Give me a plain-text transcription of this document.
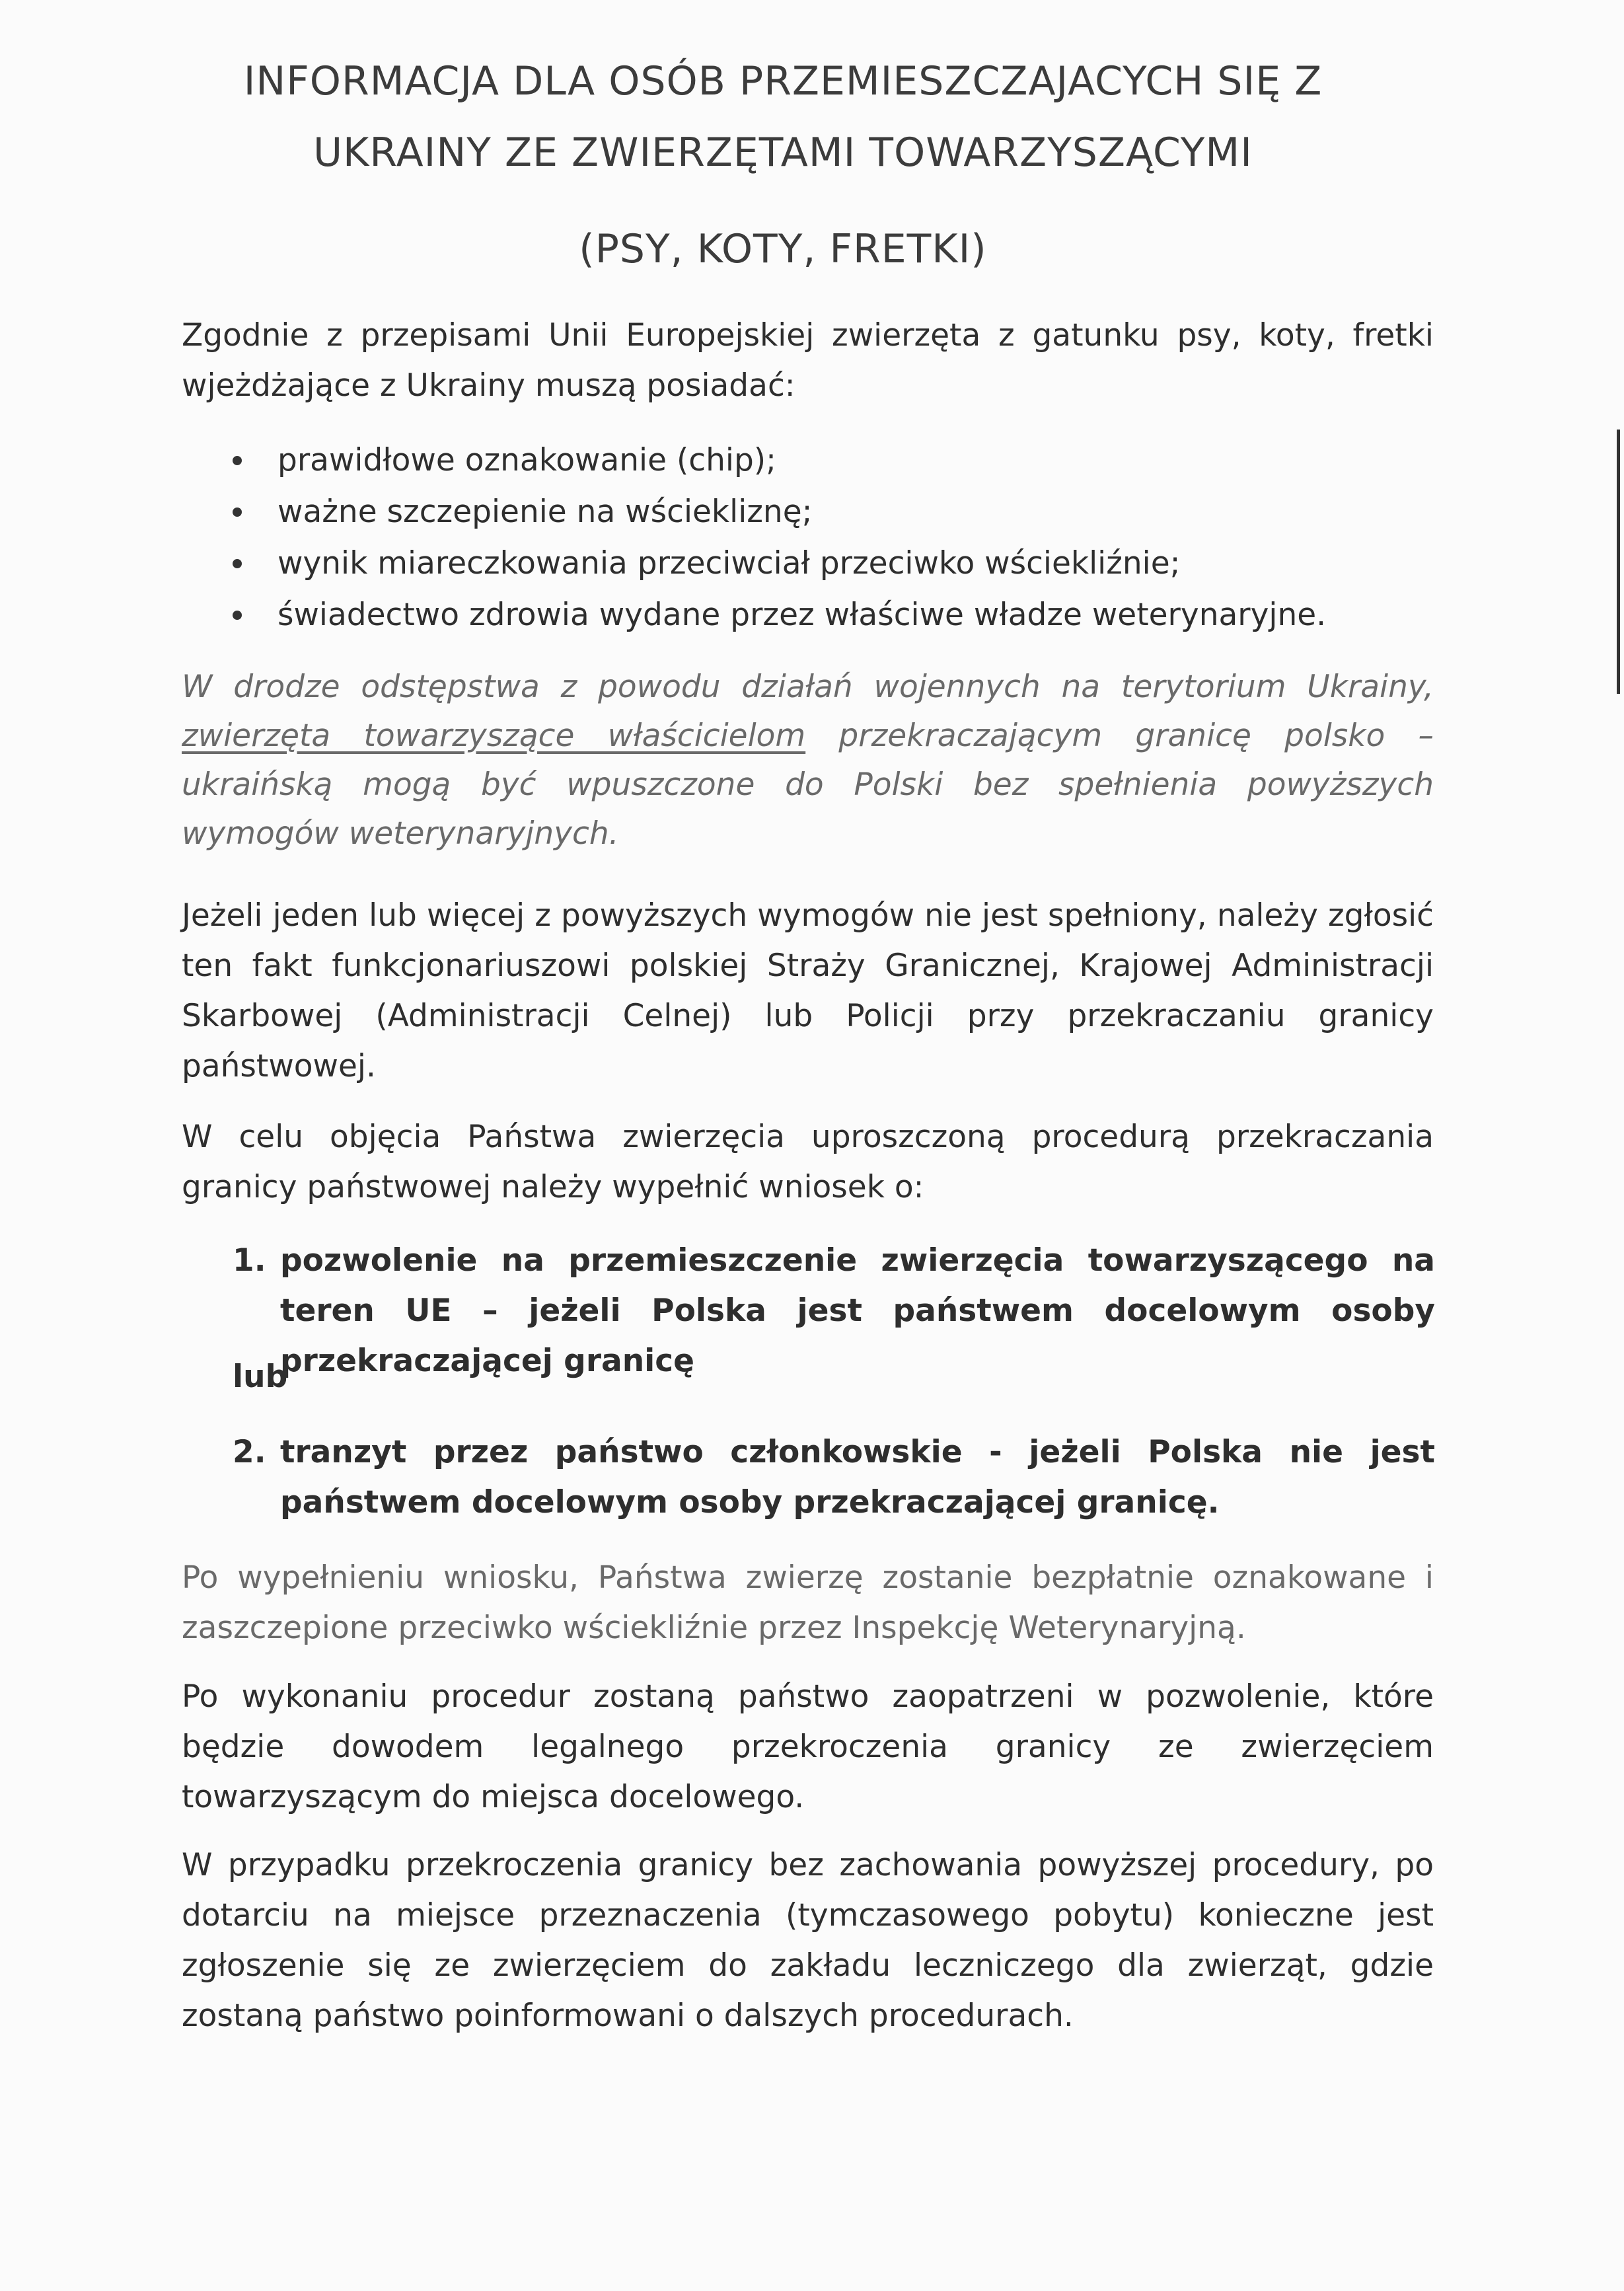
INFORMACJA DLA OSÓB PRZEMIESZCZAJACYCH SIĘ Z
UKRAINY ZE ZWIERZĘTAMI TOWARZYSZĄCYMI
(PSY, KOTY, FRETKI)

Zgodnie z przepisami Unii Europejskiej zwierzęta z gatunku psy, koty, fretki wjeżdżające z Ukrainy muszą posiadać:

prawidłowe oznakowanie (chip);
ważne szczepienie na wściekliznę;
wynik miareczkowania przeciwciał przeciwko wściekliźnie;
świadectwo zdrowia wydane przez właściwe władze weterynaryjne.

W drodze odstępstwa z powodu działań wojennych na terytorium Ukrainy, zwierzęta towarzyszące właścicielom przekraczającym granicę polsko – ukraińską mogą być wpuszczone do Polski bez spełnienia powyższych wymogów weterynaryjnych.

Jeżeli jeden lub więcej z powyższych wymogów nie jest spełniony, należy zgłosić ten fakt funkcjonariuszowi polskiej Straży Granicznej, Krajowej Administracji Skarbowej (Administracji Celnej) lub Policji przy przekraczaniu granicy państwowej.

W celu objęcia Państwa zwierzęcia uproszczoną procedurą przekraczania granicy państwowej należy wypełnić wniosek o:

1. pozwolenie na przemieszczenie zwierzęcia towarzyszącego na teren UE – jeżeli Polska jest państwem docelowym osoby przekraczającej granicę

lub

2. tranzyt przez państwo członkowskie - jeżeli Polska nie jest państwem docelowym osoby przekraczającej granicę.

Po wypełnieniu wniosku, Państwa zwierzę zostanie bezpłatnie oznakowane i zaszczepione przeciwko wściekliźnie przez Inspekcję Weterynaryjną.

Po wykonaniu procedur zostaną państwo zaopatrzeni w pozwolenie, które będzie dowodem legalnego przekroczenia granicy ze zwierzęciem towarzyszącym do miejsca docelowego.

W przypadku przekroczenia granicy bez zachowania powyższej procedury, po dotarciu na miejsce przeznaczenia (tymczasowego pobytu) konieczne jest zgłoszenie się ze zwierzęciem do zakładu leczniczego dla zwierząt, gdzie zostaną państwo poinformowani o dalszych procedurach.
